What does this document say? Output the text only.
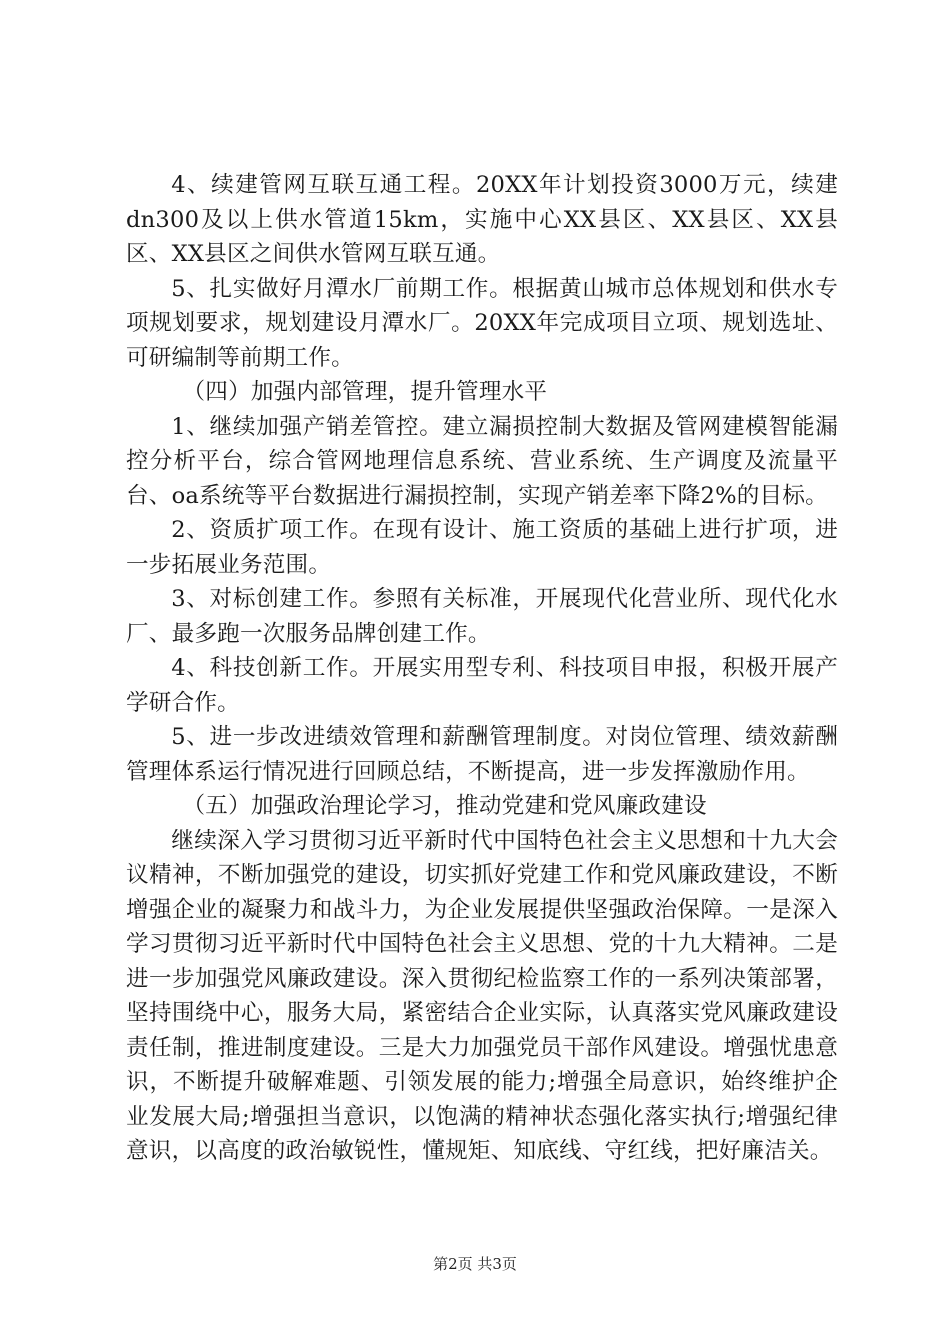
4、续建管网互联互通工程。20XX年计划投资3000万元，续建dn300及以上供水管道15km，实施中心XX县区、XX县区、XX县区、XX县区之间供水管网互联互通。

5、扎实做好月潭水厂前期工作。根据黄山城市总体规划和供水专项规划要求，规划建设月潭水厂。20XX年完成项目立项、规划选址、可研编制等前期工作。

（四）加强内部管理，提升管理水平

1、继续加强产销差管控。建立漏损控制大数据及管网建模智能漏控分析平台，综合管网地理信息系统、营业系统、生产调度及流量平台、oa系统等平台数据进行漏损控制，实现产销差率下降2%的目标。

2、资质扩项工作。在现有设计、施工资质的基础上进行扩项，进一步拓展业务范围。

3、对标创建工作。参照有关标准，开展现代化营业所、现代化水厂、最多跑一次服务品牌创建工作。

4、科技创新工作。开展实用型专利、科技项目申报，积极开展产学研合作。

5、进一步改进绩效管理和薪酬管理制度。对岗位管理、绩效薪酬管理体系运行情况进行回顾总结，不断提高，进一步发挥激励作用。

（五）加强政治理论学习，推动党建和党风廉政建设

继续深入学习贯彻习近平新时代中国特色社会主义思想和十九大会议精神，不断加强党的建设，切实抓好党建工作和党风廉政建设，不断增强企业的凝聚力和战斗力，为企业发展提供坚强政治保障。一是深入学习贯彻习近平新时代中国特色社会主义思想、党的十九大精神。二是进一步加强党风廉政建设。深入贯彻纪检监察工作的一系列决策部署，坚持围绕中心，服务大局，紧密结合企业实际，认真落实党风廉政建设责任制，推进制度建设。三是大力加强党员干部作风建设。增强忧患意识，不断提升破解难题、引领发展的能力;增强全局意识，始终维护企业发展大局;增强担当意识，以饱满的精神状态强化落实执行;增强纪律意识，以高度的政治敏锐性，懂规矩、知底线、守红线，把好廉洁关。

第2页 共3页
